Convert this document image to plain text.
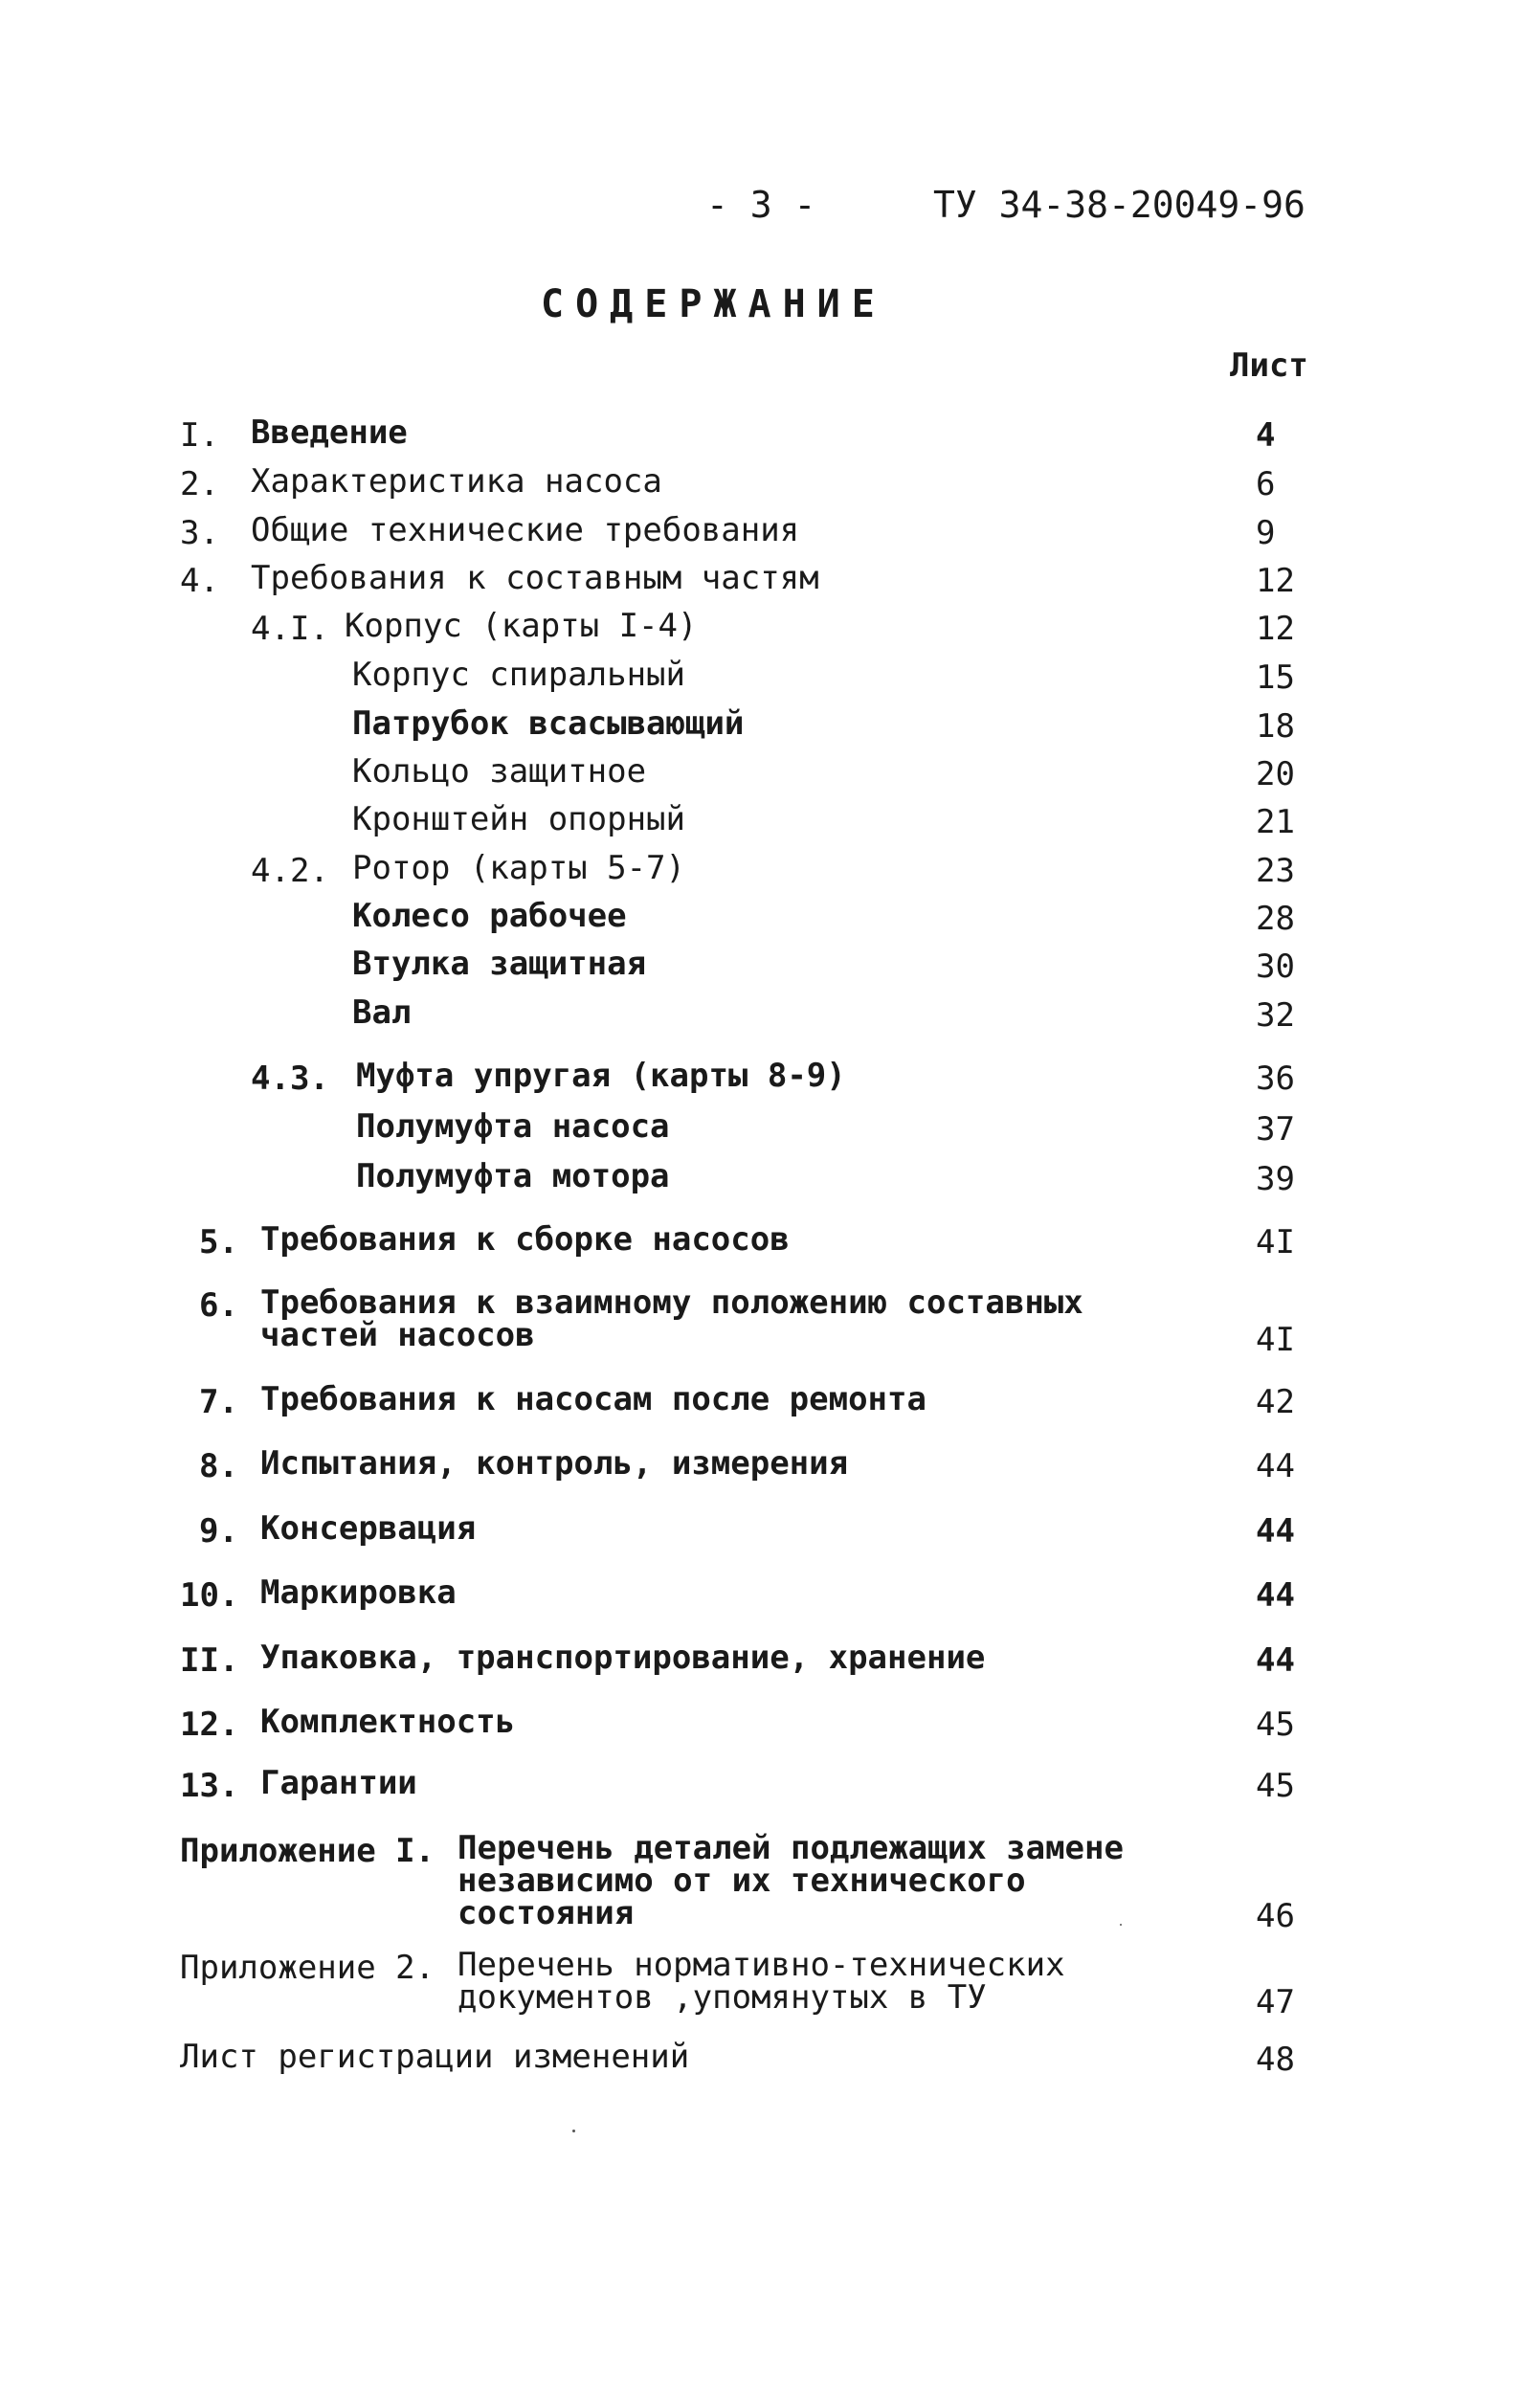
- 3 -	ТУ 34-38-20049-96
СОДЕРЖАНИЕ
Лист
I. Введение	4
2. Характеристика насоса	6
3. Общие технические требования	9
4. Требования к составным частям	12
4.I. Корпус (карты I-4)	12
Корпус спиральный	15
Патрубок всасывающий	18
Кольцо защитное	20
Кронштейн опорный	21
4.2. Ротор (карты 5-7)	23
Колесо рабочее	28
Втулка защитная	30
Вал	32
4.3. Муфта упругая (карты 8-9)	36
Полумуфта насоса	37
Полумуфта мотора	39
5. Требования к сборке насосов	4I
6. Требования к взаимному положению составных
частей насосов	4I
7. Требования к насосам после ремонта	42
8. Испытания, контроль, измерения	44
9. Консервация	44
10. Маркировка	44
II. Упаковка, транспортирование, хранение	44
12. Комплектность	45
13. Гарантии	45
Приложение I. Перечень деталей подлежащих замене
независимо от их технического
состояния	46
Приложение 2. Перечень нормативно-технических
документов ,упомянутых в ТУ	47
Лист регистрации изменений	48
